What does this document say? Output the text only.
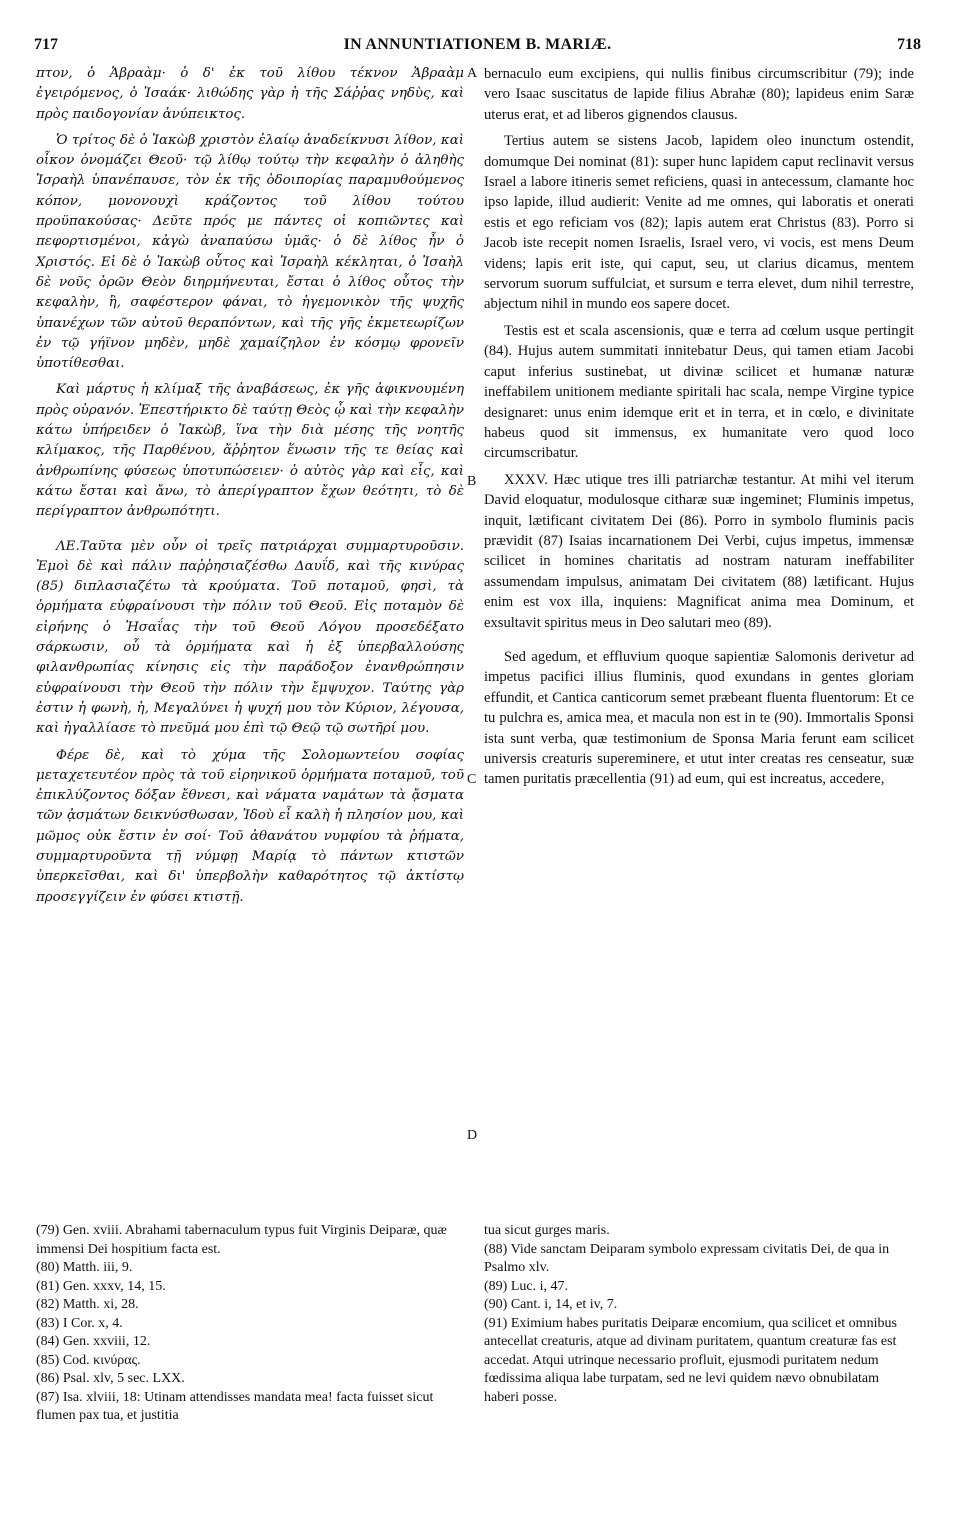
717	IN ANNUNTIATIONEM B. MARIÆ.	718

πτον, ὁ Ἀβραὰμ· ὁ δ' ἐκ τοῦ λίθου τέκνον Ἀβραὰμ ἐγειρόμενος, ὁ Ἰσαάκ· λιθώδης γὰρ ἡ τῆς Σάῤῥας νηδὺς, καὶ πρὸς παιδογονίαν ἀνύπεικτος.

Ὁ τρίτος δὲ ὁ Ἰακὼβ χριστὸν ἐλαίῳ ἀναδείκνυσι λίθον, καὶ οἶκον ὀνομάζει Θεοῦ· τῷ λίθῳ τούτῳ τὴν κεφαλὴν ὁ ἀληθὴς Ἰσραὴλ ὑπανέπαυσε, τὸν ἐκ τῆς ὁδοιπορίας παραμυθούμενος κόπον, μονονουχὶ κράζοντος τοῦ λίθου τούτου προϋπακούσας· Δεῦτε πρός με πάντες οἱ κοπιῶντες καὶ πεφορτισμένοι, κἀγὼ ἀναπαύσω ὑμᾶς· ὁ δὲ λίθος ἦν ὁ Χριστός. Εἰ δὲ ὁ Ἰακὼβ οὗτος καὶ Ἰσραὴλ κέκληται, ὁ Ἰσαὴλ δὲ νοῦς ὁρῶν Θεὸν διηρμήνευται, ἔσται ὁ λίθος οὗτος τὴν κεφαλὴν, ἢ, σαφέστερον φάναι, τὸ ἡγεμονικὸν τῆς ψυχῆς ὑπανέχων τῶν αὐτοῦ θεραπόντων, καὶ τῆς γῆς ἐκμετεωρίζων ἐν τῷ γήϊνον μηδὲν, μηδὲ χαμαίζηλον ἐν κόσμῳ φρονεῖν ὑποτίθεσθαι.

Καὶ μάρτυς ἡ κλίμαξ τῆς ἀναβάσεως, ἐκ γῆς ἀφικνουμένη πρὸς οὐρανόν. Ἐπεστήρικτο δὲ ταύτῃ Θεὸς ᾧ καὶ τὴν κεφαλὴν κάτω ὑπήρειδεν ὁ Ἰακὼβ, ἵνα τὴν διὰ μέσης τῆς νοητῆς κλίμακος, τῆς Παρθένου, ἄῤῥητον ἕνωσιν τῆς τε θείας καὶ ἀνθρωπίνης φύσεως ὑποτυπώσειεν· ὁ αὐτὸς γὰρ καὶ εἷς, καὶ κάτω ἔσται καὶ ἄνω, τὸ ἀπερίγραπτον ἔχων θεότητι, τὸ δὲ περίγραπτον ἀνθρωπότητι.

ΛΕ.Ταῦτα μὲν οὖν οἱ τρεῖς πατριάρχαι συμμαρτυροῦσιν. Ἐμοὶ δὲ καὶ πάλιν παῤῥησιαζέσθω Δαυΐδ, καὶ τῆς κινύρας (85) διπλασιαζέτω τὰ κρούματα. Τοῦ ποταμοῦ, φησὶ, τὰ ὁρμήματα εὐφραίνουσι τὴν πόλιν τοῦ Θεοῦ. Εἰς ποταμὸν δὲ εἰρήνης ὁ Ἡσαΐας τὴν τοῦ Θεοῦ Λόγου προσεδέξατο σάρκωσιν, οὗ τὰ ὁρμήματα καὶ ἡ ἐξ ὑπερβαλλούσης φιλανθρωπίας κίνησις εἰς τὴν παράδοξον ἐνανθρώπησιν εὐφραίνουσι τὴν Θεοῦ τὴν πόλιν τὴν ἔμψυχον. Ταύτης γὰρ ἐστιν ἡ φωνὴ, ἡ, Μεγαλύνει ἡ ψυχή μου τὸν Κύριον, λέγουσα, καὶ ἠγαλλίασε τὸ πνεῦμά μου ἐπὶ τῷ Θεῷ τῷ σωτῆρί μου.

Φέρε δὲ, καὶ τὸ χύμα τῆς Σολομωντείου σοφίας μεταχετευτέον πρὸς τὰ τοῦ εἰρηνικοῦ ὁρμήματα ποταμοῦ, τοῦ ἐπικλύζοντος δόξαν ἔθνεσι, καὶ νάματα ναμάτων τὰ ᾄσματα τῶν ᾀσμάτων δεικνύσθωσαν, Ἰδοὺ εἶ καλὴ ἡ πλησίον μου, καὶ μῶμος οὐκ ἔστιν ἐν σοί· Τοῦ ἀθανάτου νυμφίου τὰ ῥήματα, συμμαρτυροῦντα τῇ νύμφῃ Μαρίᾳ τὸ πάντων κτιστῶν ὑπερκεῖσθαι, καὶ δι' ὑπερβολὴν καθαρότητος τῷ ἀκτίστῳ προσεγγίζειν ἐν φύσει κτιστῇ.

bernaculo eum excipiens, qui nullis finibus circumscribitur (79); inde vero Isaac suscitatus de lapide filius Abrahæ (80); lapideus enim Saræ uterus erat, et ad liberos gignendos clausus.

Tertius autem se sistens Jacob, lapidem oleo inunctum ostendit, domumque Dei nominat (81): super hunc lapidem caput reclinavit versus Israel a labore itineris semet reficiens, quasi in antecessum, clamante hoc ipso lapide, illud audierit: Venite ad me omnes, qui laboratis et onerati estis et ego reficiam vos (82); lapis autem erat Christus (83). Porro si Jacob iste recepit nomen Israelis, Israel vero, vi vocis, est mens Deum videns; lapis erit iste, qui caput, seu, ut clarius dicamus, mentem servorum suorum suffulciat, et sursum e terra elevet, dum nihil terrestre, abjectum nihil in mundo eos sapere docet.

Testis est et scala ascensionis, quæ e terra ad cœlum usque pertingit (84). Hujus autem summitati innitebatur Deus, qui tamen etiam Jacobi caput inferius sustinebat, ut divinæ scilicet et humanæ naturæ ineffabilem unitionem mediante spiritali hac scala, nempe Virgine typice designaret: unus enim idemque erit et in terra, et in cœlo, e divinitate habeus quod sit immensus, ex humanitate vero quod loco circumscribatur.

XXXV. Hæc utique tres illi patriarchæ testantur. At mihi vel iterum David eloquatur, modulosque citharæ suæ ingeminet; Fluminis impetus, inquit, lætificant civitatem Dei (86). Porro in symbolo fluminis pacis prævidit (87) Isaias incarnationem Dei Verbi, cujus impetus, immensæ scilicet in homines charitatis ad nostram naturam ineffabiliter assumendam impulsus, animatam Dei civitatem (88) lætificant. Hujus enim est vox illa, inquiens: Magnificat anima mea Dominum, et exsultavit spiritus meus in Deo salutari meo (89).

Sed agedum, et effluvium quoque sapientiæ Salomonis derivetur ad impetus pacifici illius fluminis, quod exundans in gentes gloriam effundit, et Cantica canticorum semet præbeant fluenta fluentorum: Et ce tu pulchra es, amica mea, et macula non est in te (90). Immortalis Sponsi ista sunt verba, quæ testimonium de Sponsa Maria ferunt eam scilicet universis creaturis supereminere, et utut inter creatas res censeatur, suæ tamen puritatis præcellentia (91) ad eum, qui est increatus, accedere,

A
B
C
D

(79) Gen. xviii. Abrahami tabernaculum typus fuit Virginis Deiparæ, quæ immensi Dei hospitium facta est.

(80) Matth. iii, 9.

(81) Gen. xxxv, 14, 15.

(82) Matth. xi, 28.

(83) I Cor. x, 4.

(84) Gen. xxviii, 12.

(85) Cod. κινύρας.

(86) Psal. xlv, 5 sec. LXX.

(87) Isa. xlviii, 18: Utinam attendisses mandata mea! facta fuisset sicut flumen pax tua, et justitia

tua sicut gurges maris.

(88) Vide sanctam Deiparam symbolo expressam civitatis Dei, de qua in Psalmo xlv.

(89) Luc. i, 47.

(90) Cant. i, 14, et iv, 7.

(91) Eximium habes puritatis Deiparæ encomium, qua scilicet et omnibus antecellat creaturis, atque ad divinam puritatem, quantum creaturæ fas est accedat. Atqui utrinque necessario profluit, ejusmodi puritatem nedum fœdissima aliqua labe turpatam, sed ne levi quidem nævo obnubilatam haberi posse.
